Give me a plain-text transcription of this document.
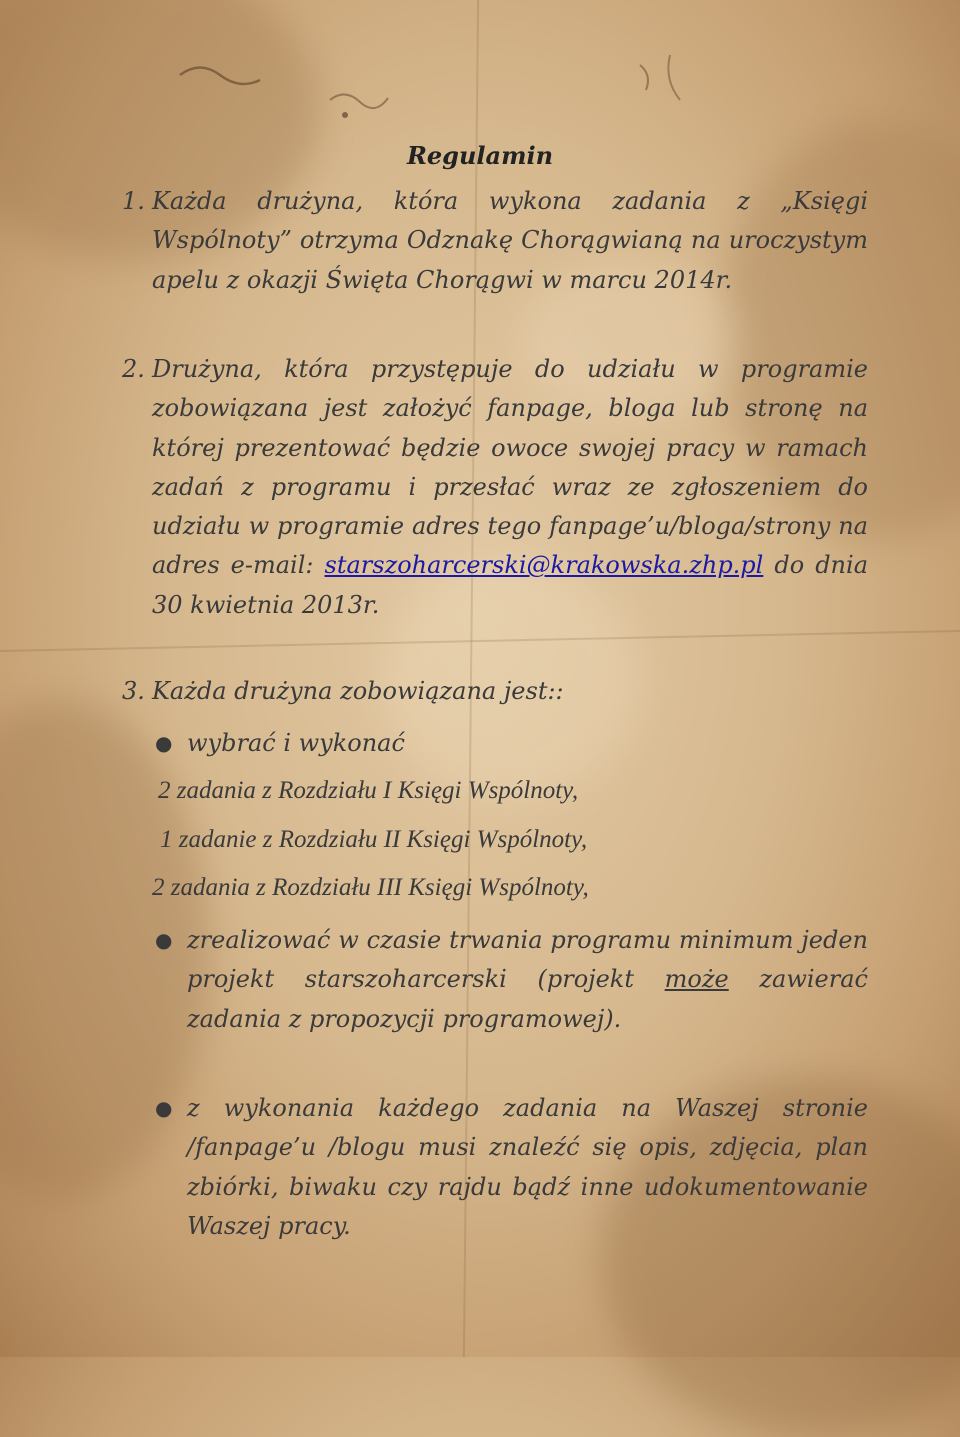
Regulamin
1. Każda drużyna, która wykona zadania z „Księgi Wspólnoty” otrzyma Odznakę Chorągwianą na uroczystym apelu z okazji Święta Chorągwi w marcu 2014r.
2. Drużyna, która przystępuje do udziału w programie zobowiązana jest założyć fanpage, bloga lub stronę na której prezentować będzie owoce swojej pracy w ramach zadań z programu i przesłać wraz ze zgłoszeniem do udziału w programie adres tego fanpage’u/bloga/strony na adres e-mail: starszoharcerski@krakowska.zhp.pl do dnia 30 kwietnia 2013r.
3. Każda drużyna zobowiązana jest::
● wybrać i wykonać
2 zadania z Rozdziału I Księgi Wspólnoty,
1 zadanie z Rozdziału II Księgi Wspólnoty,
2 zadania z Rozdziału III Księgi Wspólnoty,
● zrealizować w czasie trwania programu minimum jeden projekt starszoharcerski (projekt może zawierać zadania z propozycji programowej).
● z wykonania każdego zadania na Waszej stronie /fanpage’u /blogu musi znaleźć się opis, zdjęcia, plan zbiórki, biwaku czy rajdu bądź inne udokumentowanie Waszej pracy.
